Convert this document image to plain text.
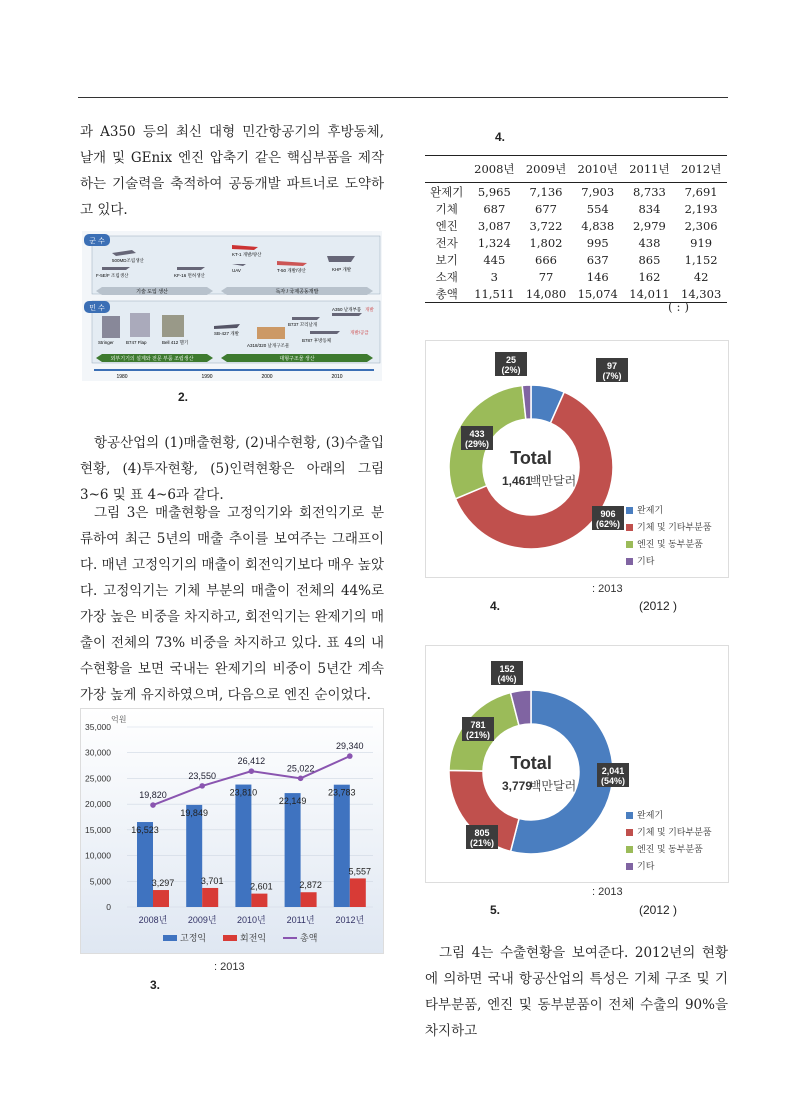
과 A350 등의 최신 대형 민간항공기의 후방동체, 날개 및 GEnix 엔진 압축기 같은 핵심부품을 제작하는 기술력을 축적하여 공동개발 파트너로 도약하고 있다.

군 수
민 수
500MD조립생산
F-5E/F 조립생산	KF-16 면허생산
KT-1 개발/양산
UAV	T-50 개발/양산	KHP 개발
기술 도입 생산	독자 / 국제공동개발
Stringer	B747 Flap	Bell 412 헬기
SB-427 개발
A318/320 날개구조물
B737 꼬리날개
B787 후방동체
A350 날개부품 개발
개발/공급
외부기기의 설계와 전문 부품 조립생산	대형구조물 생산
1980	1990	2000	2010
2.

항공산업의 (1)매출현황, (2)내수현황, (3)수출입현황, (4)투자현황, (5)인력현황은 아래의 그림 3~6 및 표 4~6과 같다.

그림 3은 매출현황을 고정익기와 회전익기로 분류하여 최근 5년의 매출 추이를 보여주는 그래프이다. 매년 고정익기의 매출이 회전익기보다 매우 높았다. 고정익기는 기체 부분의 매출이 전체의 44%로 가장 높은 비중을 차지하고, 회전익기는 완제기의 매출이 전체의 73% 비중을 차지하고 있다. 표 4의 내수현황을 보면 국내는 완제기의 비중이 5년간 계속 가장 높게 유지하였으며, 다음으로 엔진 순이었다.

억원
0
5,000
10,000
15,000
20,000
25,000
30,000
35,000
16,523
3,297
2008년
19,849
3,701
2009년
23,810
2,601
2010년
22,149
2,872
2011년
23,783
5,557
2012년
19,820
23,550
26,412
25,022
29,340
고정익	회전익	총액
: 2013
3.
4.
	2008년	2009년	2010년	2011년	2012년
완제기	5,965	7,136	7,903	8,733	7,691
기체	687	677	554	834	2,193
엔진	3,087	3,722	4,838	2,979	2,306
전자	1,324	1,802	995	438	919
보기	445	666	637	865	1,152
소재	3	77	146	162	42
총액	11,511	14,080	15,074	14,011	14,303
( : )
97
(7%)
906
(62%)
433
(29%)
25
(2%)
Total
1,461
백만달러
완제기
기체 및 기타부분품
엔진 및 동부분품
기타
: 2013
4.	(2012 )
2,041
(54%)
805
(21%)
781
(21%)
152
(4%)
Total
3,779
백만달러
완제기
기체 및 기타부분품
엔진 및 동부분품
기타
: 2013
5.	(2012 )

그림 4는 수출현황을 보여준다. 2012년의 현황에 의하면 국내 항공산업의 특성은 기체 구조 및 기타부분품, 엔진 및 동부분품이 전체 수출의 90%을 차지하고
